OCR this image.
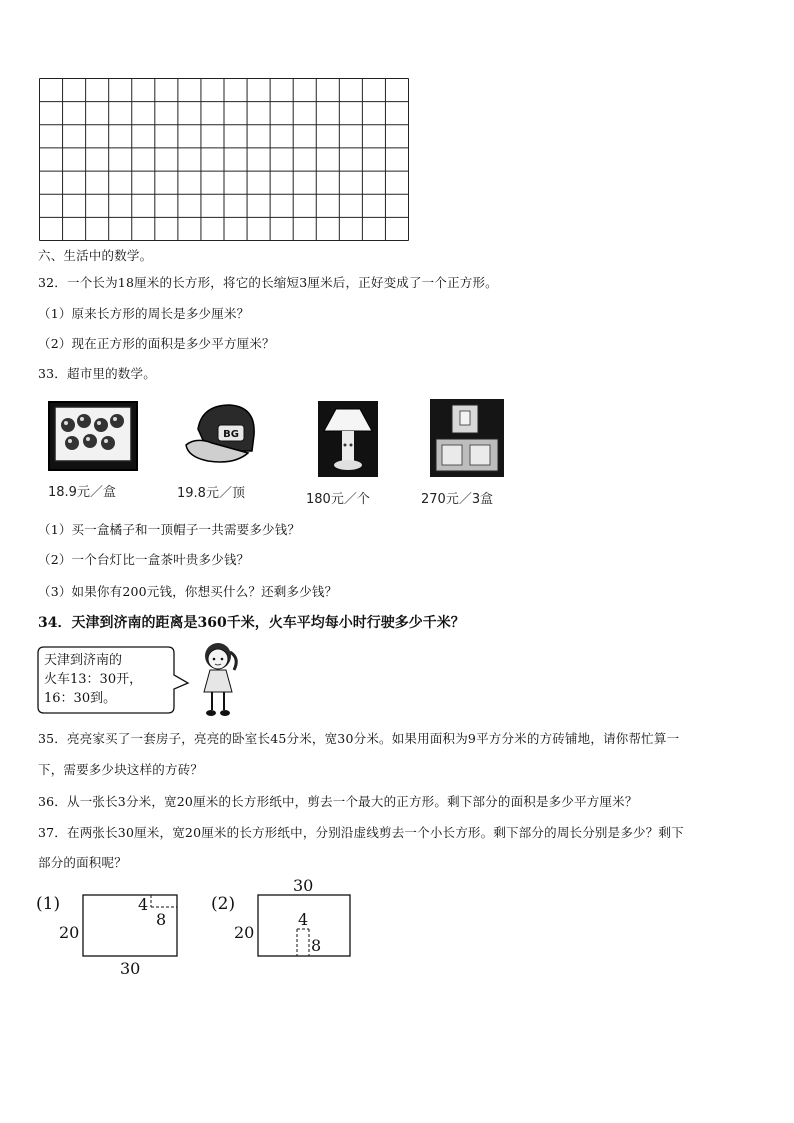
六、生活中的数学。
32．一个长为18厘米的长方形，将它的长缩短3厘米后，正好变成了一个正方形。
（1）原来长方形的周长是多少厘米？
（2）现在正方形的面积是多少平方厘米？
33．超市里的数学。
BG
18.9元／盒	19.8元／顶	180元／个	270元／3盒
（1）买一盒橘子和一顶帽子一共需要多少钱？
（2）一个台灯比一盒茶叶贵多少钱？
（3）如果你有200元钱，你想买什么？还剩多少钱？
34．天津到济南的距离是360千米，火车平均每小时行驶多少千米？
天津到济南的
火车13：30开，
16：30到。
35．亮亮家买了一套房子，亮亮的卧室长45分米，宽30分米。如果用面积为9平方分米的方砖铺地，请你帮忙算一
下，需要多少块这样的方砖？
36．从一张长3分米，宽20厘米的长方形纸中，剪去一个最大的正方形。剩下部分的面积是多少平方厘米？
37．在两张长30厘米，宽20厘米的长方形纸中，分别沿虚线剪去一个小长方形。剩下部分的周长分别是多少？剩下
部分的面积呢？
(1)	4
8
20
30
30
(2)
4
8
20
